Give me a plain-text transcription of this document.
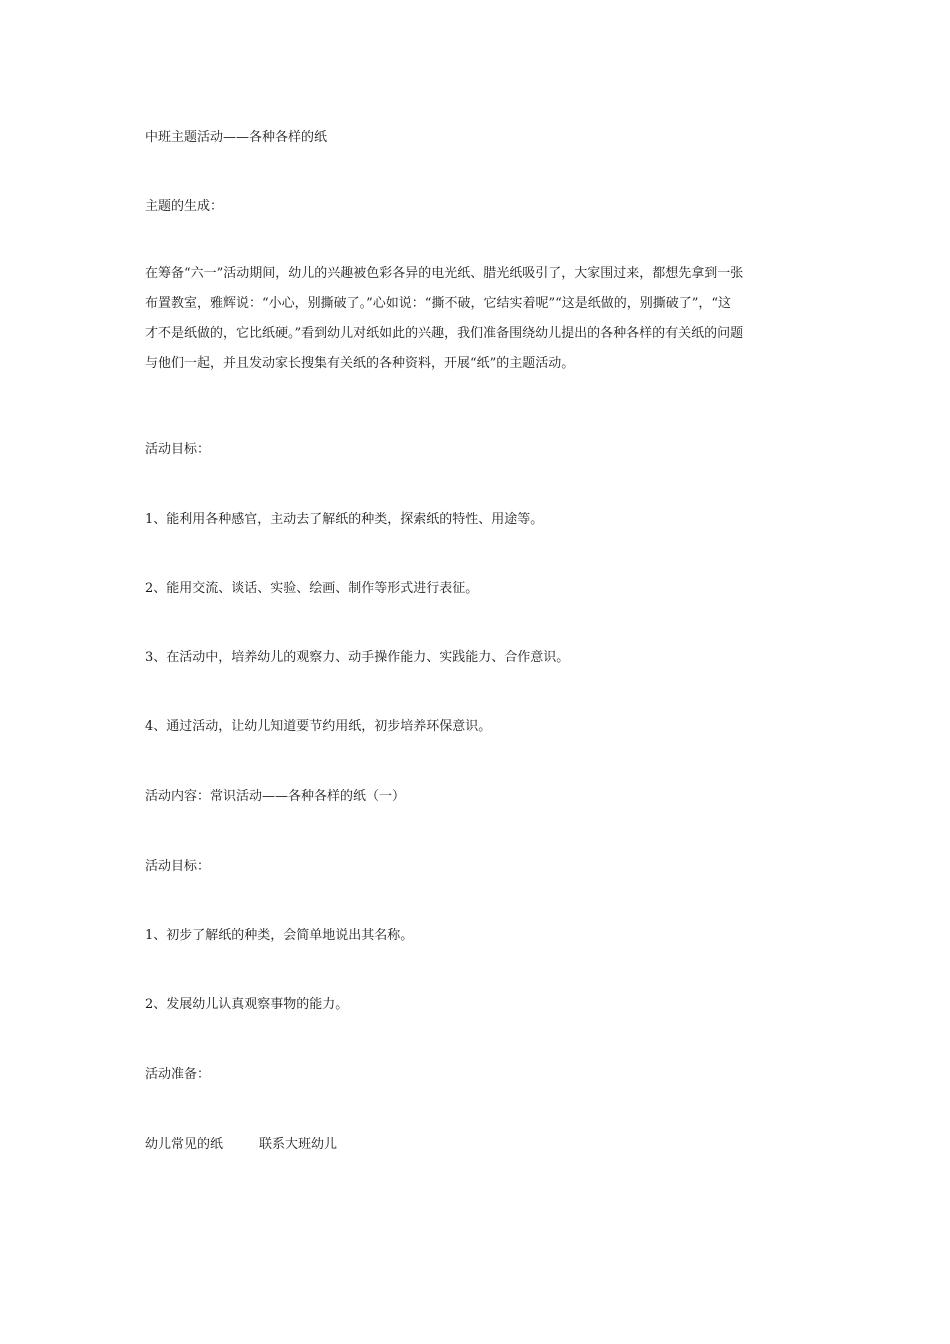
中班主题活动——各种各样的纸
主题的生成：
在筹备“六一”活动期间，幼儿的兴趣被色彩各异的电光纸、腊光纸吸引了，大家围过来，都想先拿到一张
布置教室，雅辉说：“小心，别撕破了。”心如说：“撕不破，它结实着呢”“这是纸做的，别撕破了”，“这
才不是纸做的，它比纸硬。”看到幼儿对纸如此的兴趣，我们准备围绕幼儿提出的各种各样的有关纸的问题
与他们一起，并且发动家长搜集有关纸的各种资料，开展“纸”的主题活动。
活动目标：
1、能利用各种感官，主动去了解纸的种类，探索纸的特性、用途等。
2、能用交流、谈话、实验、绘画、制作等形式进行表征。
3、在活动中，培养幼儿的观察力、动手操作能力、实践能力、合作意识。
4、通过活动，让幼儿知道要节约用纸，初步培养环保意识。
活动内容：常识活动——各种各样的纸（一）
活动目标：
1、初步了解纸的种类，会简单地说出其名称。
2、发展幼儿认真观察事物的能力。
活动准备：
幼儿常见的纸	联系大班幼儿
